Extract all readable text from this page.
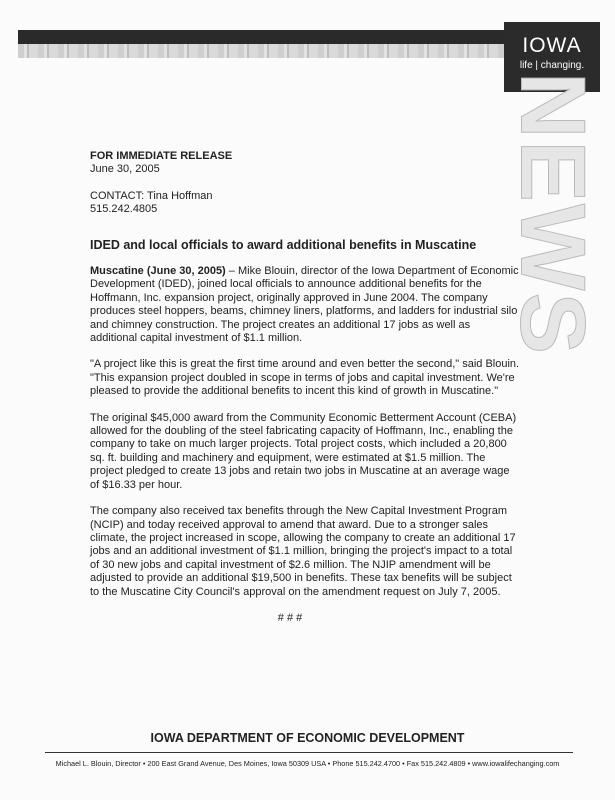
IOWA
life | changing.
NEWS

FOR IMMEDIATE RELEASE

June 30, 2005

CONTACT: Tina Hoffman

515.242.4805

IDED and local officials to award additional benefits in Muscatine

Muscatine (June 30, 2005) – Mike Blouin, director of the Iowa Department of Economic Development (IDED), joined local officials to announce additional benefits for the Hoffmann, Inc. expansion project, originally approved in June 2004. The company produces steel hoppers, beams, chimney liners, platforms, and ladders for industrial silo and chimney construction. The project creates an additional 17 jobs as well as additional capital investment of $1.1 million.

"A project like this is great the first time around and even better the second," said Blouin. "This expansion project doubled in scope in terms of jobs and capital investment. We're pleased to provide the additional benefits to incent this kind of growth in Muscatine."

The original $45,000 award from the Community Economic Betterment Account (CEBA) allowed for the doubling of the steel fabricating capacity of Hoffmann, Inc., enabling the company to take on much larger projects. Total project costs, which included a 20,800 sq. ft. building and machinery and equipment, were estimated at $1.5 million. The project pledged to create 13 jobs and retain two jobs in Muscatine at an average wage of $16.33 per hour.

The company also received tax benefits through the New Capital Investment Program (NCIP) and today received approval to amend that award. Due to a stronger sales climate, the project increased in scope, allowing the company to create an additional 17 jobs and an additional investment of $1.1 million, bringing the project's impact to a total of 30 new jobs and capital investment of $2.6 million. The NJIP amendment will be adjusted to provide an additional $19,500 in benefits. These tax benefits will be subject to the Muscatine City Council's approval on the amendment request on July 7, 2005.

# # #

IOWA DEPARTMENT OF ECONOMIC DEVELOPMENT
Michael L. Blouin, Director • 200 East Grand Avenue, Des Moines, Iowa 50309 USA • Phone 515.242.4700 • Fax 515.242.4809 • www.iowalifechanging.com
